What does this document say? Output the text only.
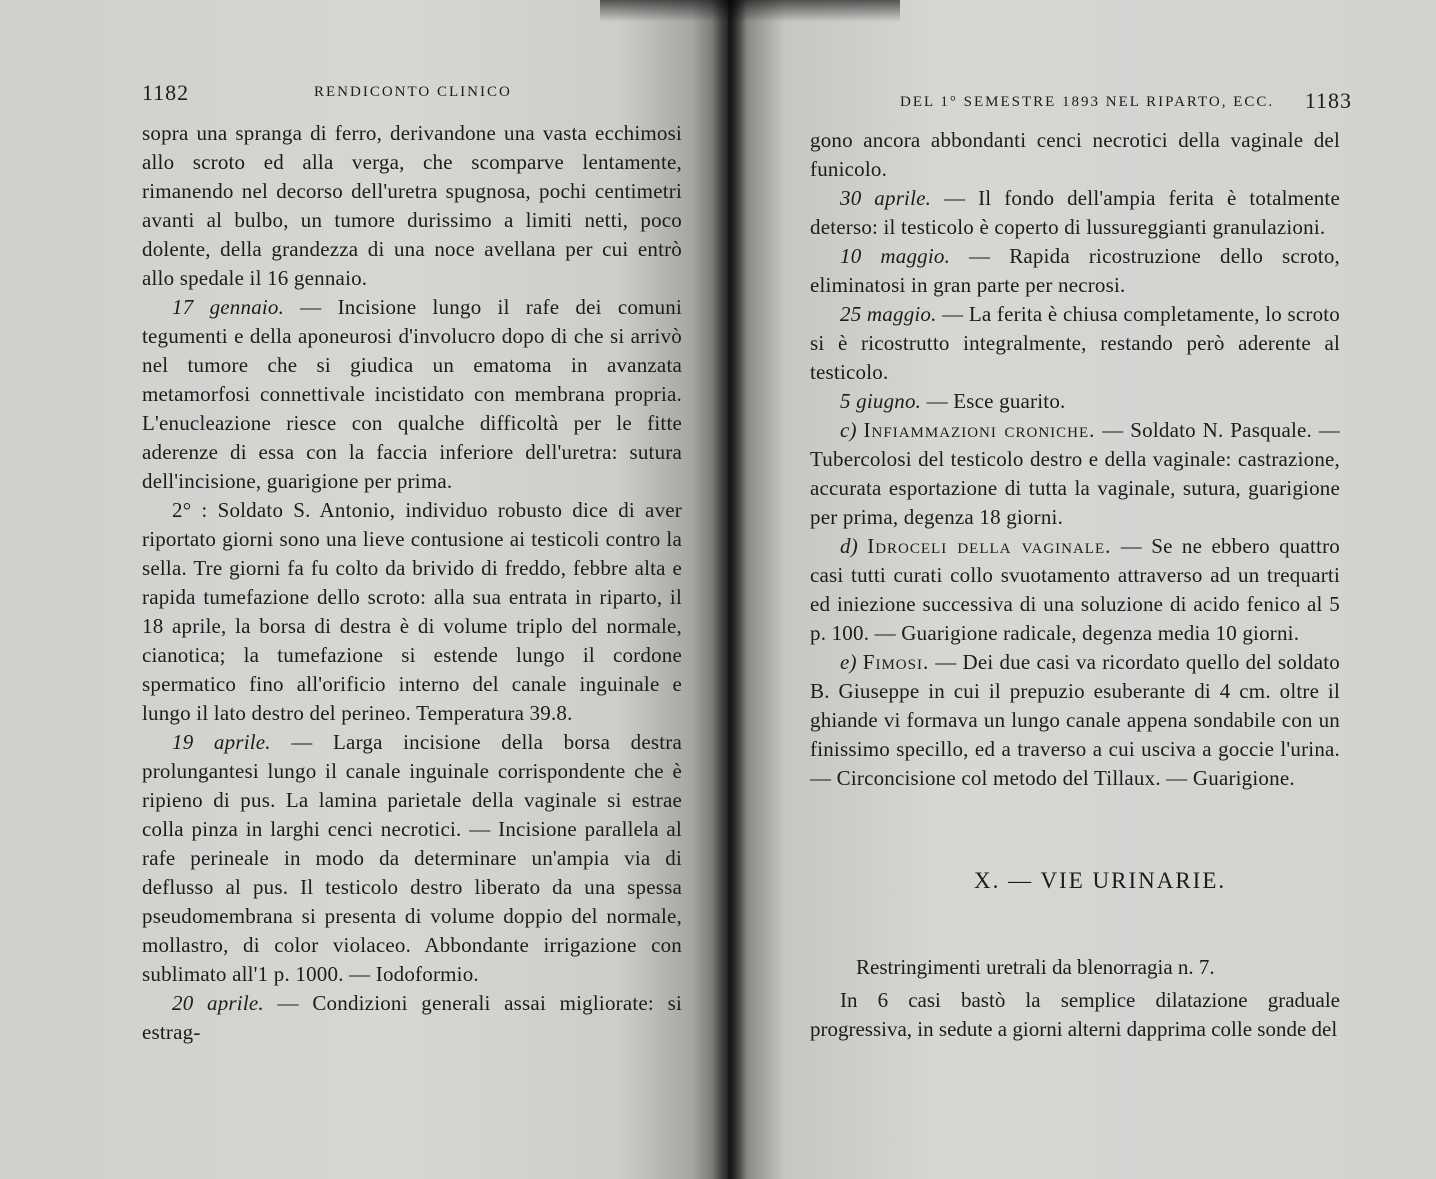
1182	RENDICONTO CLINICO

sopra una spranga di ferro, derivandone una vasta ecchimosi allo scroto ed alla verga, che scomparve lentamente, rimanendo nel decorso dell'uretra spugnosa, pochi centimetri avanti al bulbo, un tumore durissimo a limiti netti, poco dolente, della grandezza di una noce avellana per cui entrò allo spedale il 16 gennaio.

17 gennaio. — Incisione lungo il rafe dei comuni tegumenti e della aponeurosi d'involucro dopo di che si arrivò nel tumore che si giudica un ematoma in avanzata metamorfosi connettivale incistidato con membrana propria. L'enucleazione riesce con qualche difficoltà per le fitte aderenze di essa con la faccia inferiore dell'uretra: sutura dell'incisione, guarigione per prima.

2° : Soldato S. Antonio, individuo robusto dice di aver riportato giorni sono una lieve contusione ai testicoli contro la sella. Tre giorni fa fu colto da brivido di freddo, febbre alta e rapida tumefazione dello scroto: alla sua entrata in riparto, il 18 aprile, la borsa di destra è di volume triplo del normale, cianotica; la tumefazione si estende lungo il cordone spermatico fino all'orificio interno del canale inguinale e lungo il lato destro del perineo. Temperatura 39.8.

19 aprile. — Larga incisione della borsa destra prolungantesi lungo il canale inguinale corrispondente che è ripieno di pus. La lamina parietale della vaginale si estrae colla pinza in larghi cenci necrotici. — Incisione parallela al rafe perineale in modo da determinare un'ampia via di deflusso al pus. Il testicolo destro liberato da una spessa pseudomembrana si presenta di volume doppio del normale, mollastro, di color violaceo. Abbondante irrigazione con sublimato all'1 p. 1000. — Iodoformio.

20 aprile. — Condizioni generali assai migliorate: si estrag-

DEL 1° SEMESTRE 1893 NEL RIPARTO, ECC. 1183

gono ancora abbondanti cenci necrotici della vaginale del funicolo.

30 aprile. — Il fondo dell'ampia ferita è totalmente deterso: il testicolo è coperto di lussureggianti granulazioni.

10 maggio. — Rapida ricostruzione dello scroto, eliminatosi in gran parte per necrosi.

25 maggio. — La ferita è chiusa completamente, lo scroto si è ricostrutto integralmente, restando però aderente al testicolo.

5 giugno. — Esce guarito.

c) Infiammazioni croniche. — Soldato N. Pasquale. — Tubercolosi del testicolo destro e della vaginale: castrazione, accurata esportazione di tutta la vaginale, sutura, guarigione per prima, degenza 18 giorni.

d) Idroceli della vaginale. — Se ne ebbero quattro casi tutti curati collo svuotamento attraverso ad un trequarti ed iniezione successiva di una soluzione di acido fenico al 5 p. 100. — Guarigione radicale, degenza media 10 giorni.

e) Fimosi. — Dei due casi va ricordato quello del soldato B. Giuseppe in cui il prepuzio esuberante di 4 cm. oltre il ghiande vi formava un lungo canale appena sondabile con un finissimo specillo, ed a traverso a cui usciva a goccie l'urina. — Circoncisione col metodo del Tillaux. — Guarigione.

X. — VIE URINARIE.
Restringimenti uretrali da blenorragia n. 7.
In 6 casi bastò la semplice dilatazione graduale progressiva, in sedute a giorni alterni dapprima colle sonde del
